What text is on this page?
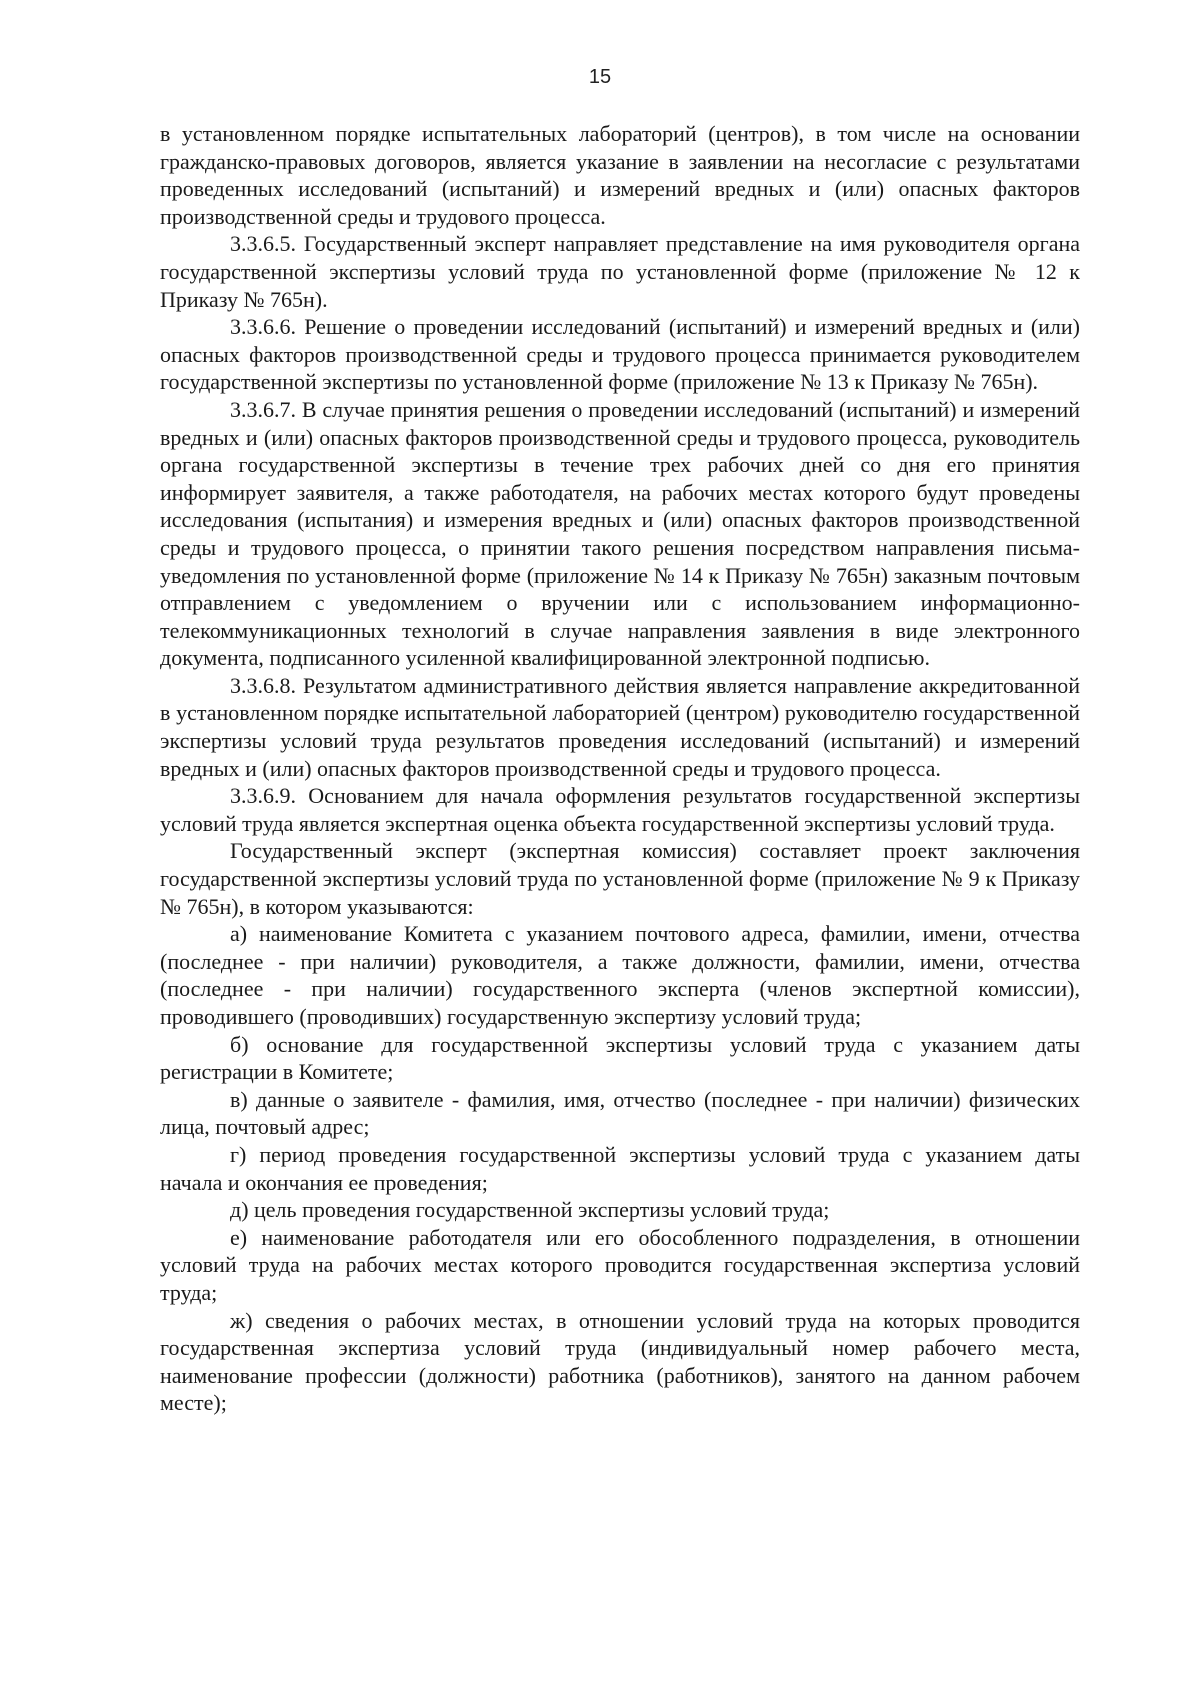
15

в установленном порядке испытательных лабораторий (центров), в том числе на основании гражданско-правовых договоров, является указание в заявлении на несогласие с результатами проведенных исследований (испытаний) и измерений вредных и (или) опасных факторов производственной среды и трудового процесса.

3.3.6.5. Государственный эксперт направляет представление на имя руководителя органа государственной экспертизы условий труда по установленной форме (приложение № 12 к Приказу № 765н).

3.3.6.6. Решение о проведении исследований (испытаний) и измерений вредных и (или) опасных факторов производственной среды и трудового процесса принимается руководителем государственной экспертизы по установленной форме (приложение № 13 к Приказу № 765н).

3.3.6.7. В случае принятия решения о проведении исследований (испытаний) и измерений вредных и (или) опасных факторов производственной среды и трудового процесса, руководитель органа государственной экспертизы в течение трех рабочих дней со дня его принятия информирует заявителя, а также работодателя, на рабочих местах которого будут проведены исследования (испытания) и измерения вредных и (или) опасных факторов производственной среды и трудового процесса, о принятии такого решения посредством направления письма-уведомления по установленной форме (приложение № 14 к Приказу № 765н) заказным почтовым отправлением с уведомлением о вручении или с использованием информационно-телекоммуникационных технологий в случае направления заявления в виде электронного документа, подписанного усиленной квалифицированной электронной подписью.

3.3.6.8. Результатом административного действия является направление аккредитованной в установленном порядке испытательной лабораторией (центром) руководителю государственной экспертизы условий труда результатов проведения исследований (испытаний) и измерений вредных и (или) опасных факторов производственной среды и трудового процесса.

3.3.6.9. Основанием для начала оформления результатов государственной экспертизы условий труда является экспертная оценка объекта государственной экспертизы условий труда.

Государственный эксперт (экспертная комиссия) составляет проект заключения государственной экспертизы условий труда по установленной форме (приложение № 9 к Приказу № 765н), в котором указываются:

а) наименование Комитета с указанием почтового адреса, фамилии, имени, отчества (последнее - при наличии) руководителя, а также должности, фамилии, имени, отчества (последнее - при наличии) государственного эксперта (членов экспертной комиссии), проводившего (проводивших) государственную экспертизу условий труда;

б) основание для государственной экспертизы условий труда с указанием даты регистрации в Комитете;

в) данные о заявителе - фамилия, имя, отчество (последнее - при наличии) физических лица, почтовый адрес;

г) период проведения государственной экспертизы условий труда с указанием даты начала и окончания ее проведения;

д) цель проведения государственной экспертизы условий труда;

е) наименование работодателя или его обособленного подразделения, в отношении условий труда на рабочих местах которого проводится государственная экспертиза условий труда;

ж) сведения о рабочих местах, в отношении условий труда на которых проводится государственная экспертиза условий труда (индивидуальный номер рабочего места, наименование профессии (должности) работника (работников), занятого на данном рабочем месте);
